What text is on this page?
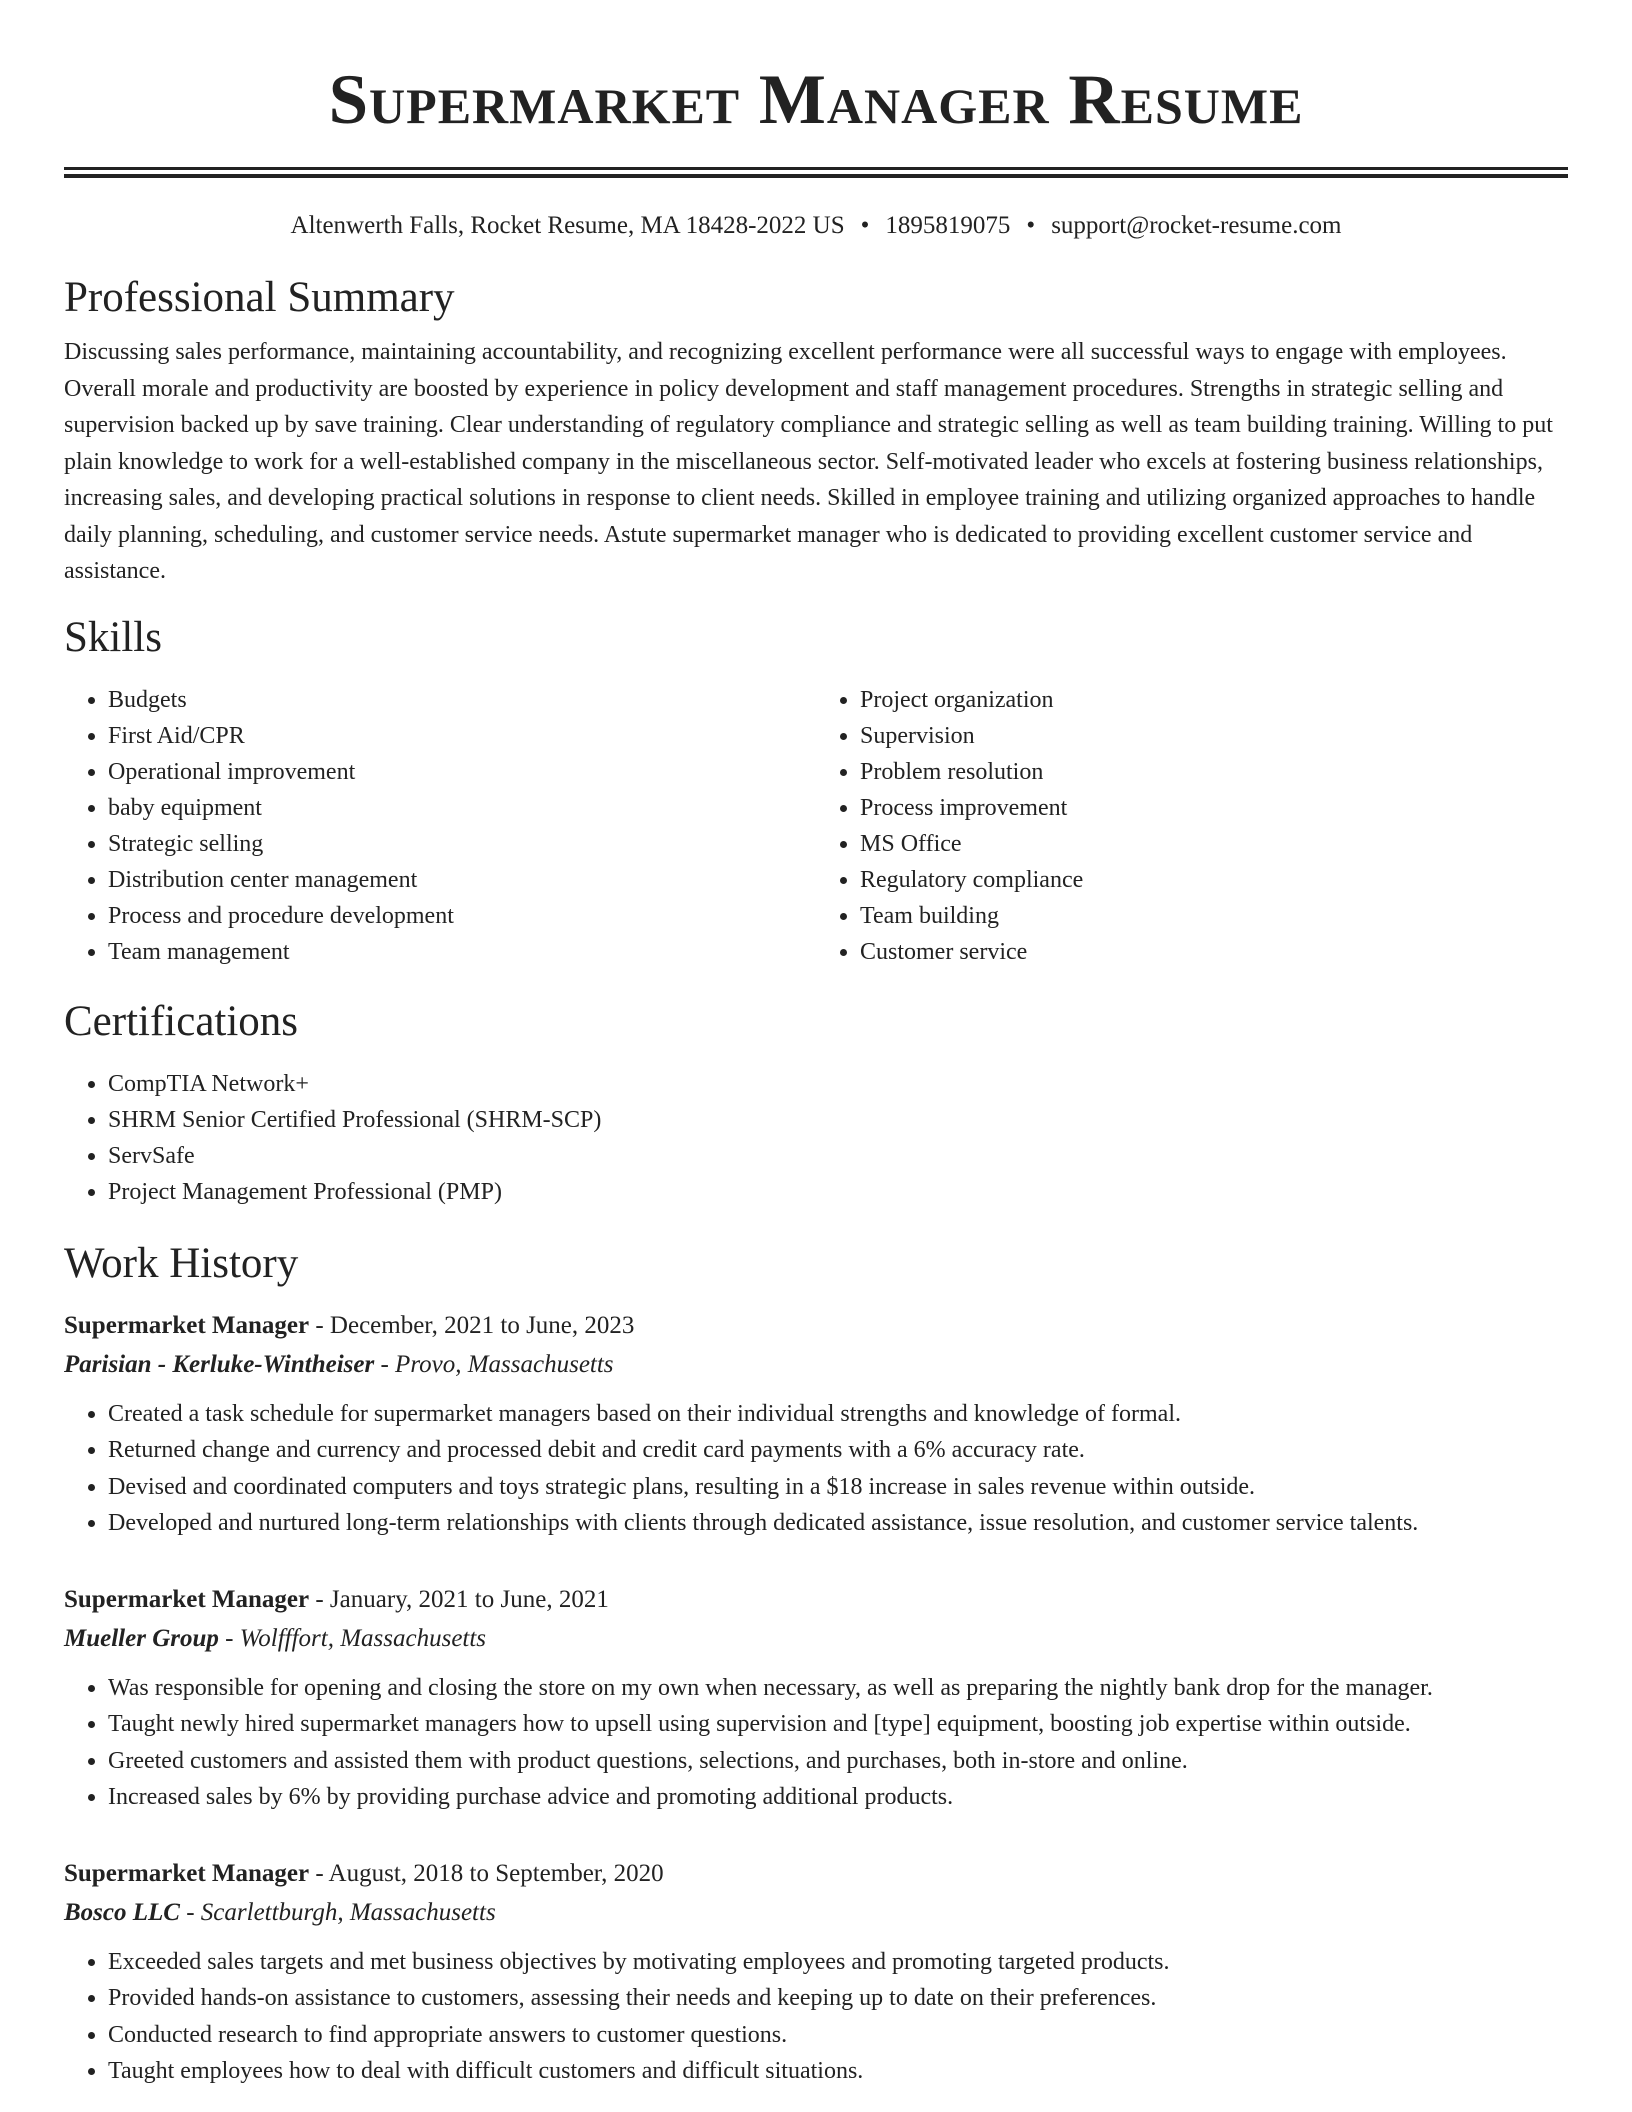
Supermarket Manager Resume
Altenwerth Falls, Rocket Resume, MA 18428-2022 US • 1895819075 • support@rocket-resume.com
Professional Summary

Discussing sales performance, maintaining accountability, and recognizing excellent performance were all successful ways to engage with employees. Overall morale and productivity are boosted by experience in policy development and staff management procedures. Strengths in strategic selling and supervision backed up by save training. Clear understanding of regulatory compliance and strategic selling as well as team building training. Willing to put plain knowledge to work for a well-established company in the miscellaneous sector. Self-motivated leader who excels at fostering business relationships, increasing sales, and developing practical solutions in response to client needs. Skilled in employee training and utilizing organized approaches to handle daily planning, scheduling, and customer service needs. Astute supermarket manager who is dedicated to providing excellent customer service and assistance.

Skills
• Budgets
• First Aid/CPR
• Operational improvement
• baby equipment
• Strategic selling
• Distribution center management
• Process and procedure development
• Team management
• Project organization
• Supervision
• Problem resolution
• Process improvement
• MS Office
• Regulatory compliance
• Team building
• Customer service
Certifications
• CompTIA Network+
• SHRM Senior Certified Professional (SHRM-SCP)
• ServSafe
• Project Management Professional (PMP)
Work History
Supermarket Manager - December, 2021 to June, 2023
Parisian - Kerluke-Wintheiser - Provo, Massachusetts
• Created a task schedule for supermarket managers based on their individual strengths and knowledge of formal.
• Returned change and currency and processed debit and credit card payments with a 6% accuracy rate.
• Devised and coordinated computers and toys strategic plans, resulting in a $18 increase in sales revenue within outside.
• Developed and nurtured long-term relationships with clients through dedicated assistance, issue resolution, and customer service talents.
Supermarket Manager - January, 2021 to June, 2021
Mueller Group - Wolfffort, Massachusetts
• Was responsible for opening and closing the store on my own when necessary, as well as preparing the nightly bank drop for the manager.
• Taught newly hired supermarket managers how to upsell using supervision and [type] equipment, boosting job expertise within outside.
• Greeted customers and assisted them with product questions, selections, and purchases, both in-store and online.
• Increased sales by 6% by providing purchase advice and promoting additional products.
Supermarket Manager - August, 2018 to September, 2020
Bosco LLC - Scarlettburgh, Massachusetts
• Exceeded sales targets and met business objectives by motivating employees and promoting targeted products.
• Provided hands-on assistance to customers, assessing their needs and keeping up to date on their preferences.
• Conducted research to find appropriate answers to customer questions.
• Taught employees how to deal with difficult customers and difficult situations.
